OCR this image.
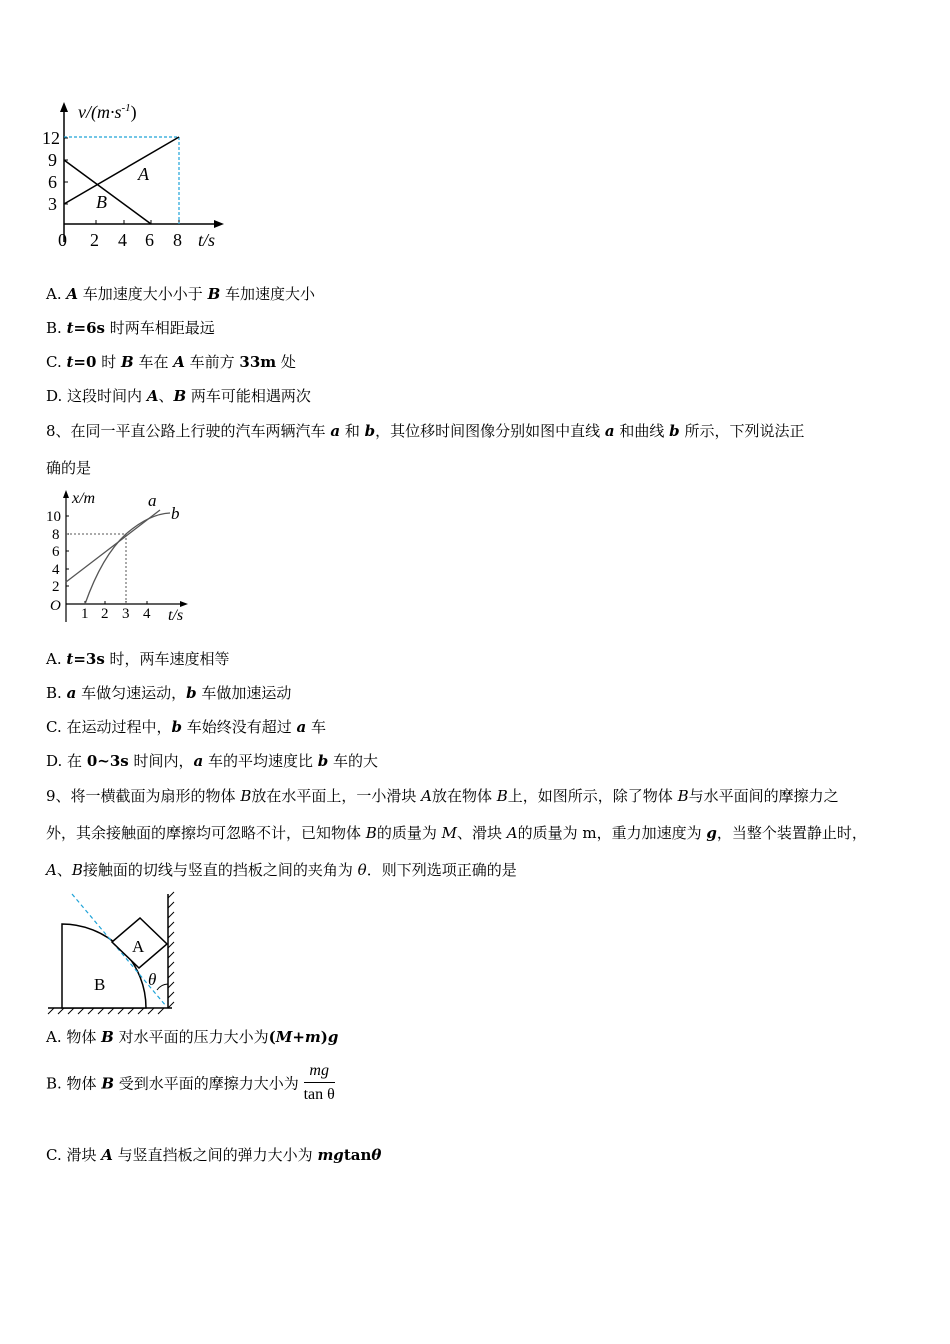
$v/(m\cdot s^{-1})$
12
9
6
3
0 2 4 6 8 t/s
A
B
A. A 车加速度大小小于 B 车加速度大小
B. t=6s 时两车相距最远
C. t=0 时 B 车在 A 车前方 33m 处
D. 这段时间内 A、B 两车可能相遇两次
8、在同一平直公路上行驶的汽车两辆汽车 a 和 b，其位移时间图像分别如图中直线 a 和曲线 b 所示，下列说法正
确的是
x/m
10
8
6
4
2
O 1 2 3 4 t/s
a
b
A. t=3s 时，两车速度相等
B. a 车做匀速运动，b 车做加速运动
C. 在运动过程中，b 车始终没有超过 a 车
D. 在 0~3s 时间内，a 车的平均速度比 b 车的大
9、将一横截面为扇形的物体 B放在水平面上，一小滑块 A放在物体 B上，如图所示，除了物体 B与水平面间的摩擦力之
外，其余接触面的摩擦均可忽略不计，已知物体 B的质量为 M、滑块 A的质量为 m，重力加速度为 g，当整个装置静止时，
A、B接触面的切线与竖直的挡板之间的夹角为 θ．则下列选项正确的是
A
B	θ
A. 物体 B 对水平面的压力大小为(M+m)g
B. 物体 B 受到水平面的摩擦力大小为 $\frac{mg}{\text{tan θ}}$
C. 滑块 A 与竖直挡板之间的弹力大小为 mgtanθ
